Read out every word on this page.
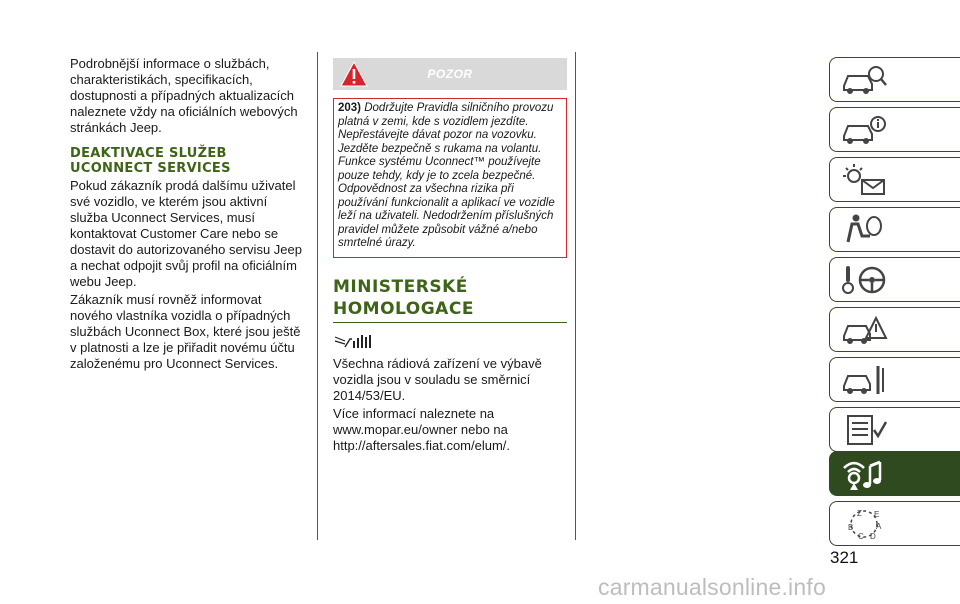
Podrobnější informace o službách, charakteristikách, specifikacích, dostupnosti a případných aktualizacích naleznete vždy na oficiálních webových stránkách Jeep.

DEAKTIVACE SLUŽEB UCONNECT SERVICES

Pokud zákazník prodá dalšímu uživatel své vozidlo, ve kterém jsou aktivní služba Uconnect Services, musí kontaktovat Customer Care nebo se dostavit do autorizovaného servisu Jeep a nechat odpojit svůj profil na oficiálním webu Jeep.

Zákazník musí rovněž informovat nového vlastníka vozidla o případných službách Uconnect Box, které jsou ještě v platnosti a lze je přiřadit novému účtu založenému pro Uconnect Services.

POZOR

203) Dodržujte Pravidla silničního provozu platná v zemi, kde s vozidlem jezdíte. Nepřestávejte dávat pozor na vozovku. Jezděte bezpečně s rukama na volantu. Funkce systému Uconnect™ používejte pouze tehdy, kdy je to zcela bezpečné. Odpovědnost za všechna rizika při používání funkcionalit a aplikací ve vozidle leží na uživateli. Nedodržením příslušných pravidel můžete způsobit vážné a/nebo smrtelné úrazy.

MINISTERSKÉ HOMOLOGACE

Všechna rádiová zařízení ve výbavě vozidla jsou v souladu se směrnicí 2014/53/EU.

Více informací naleznete na www.mopar.eu/owner nebo na http://aftersales.fiat.com/elum/.

B
Z E
A
C D
321
carmanualsonline.info
